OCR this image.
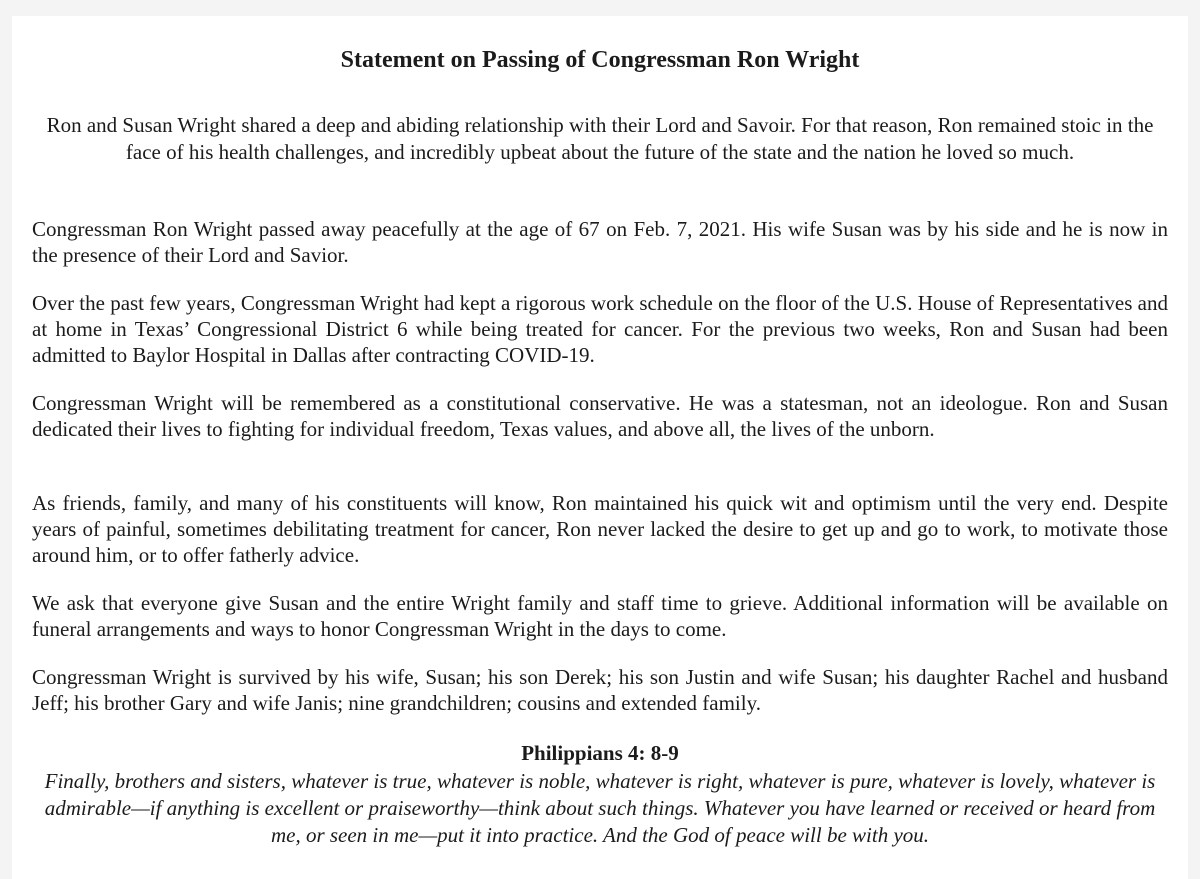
Statement on Passing of Congressman Ron Wright

Ron and Susan Wright shared a deep and abiding relationship with their Lord and Savoir. For that reason, Ron remained stoic in the face of his health challenges, and incredibly upbeat about the future of the state and the nation he loved so much.

Congressman Ron Wright passed away peacefully at the age of 67 on Feb. 7, 2021. His wife Susan was by his side and he is now in the presence of their Lord and Savior.

Over the past few years, Congressman Wright had kept a rigorous work schedule on the floor of the U.S. House of Representatives and at home in Texas’ Congressional District 6 while being treated for cancer. For the previous two weeks, Ron and Susan had been admitted to Baylor Hospital in Dallas after contracting COVID-19.

Congressman Wright will be remembered as a constitutional conservative. He was a statesman, not an ideologue. Ron and Susan dedicated their lives to fighting for individual freedom, Texas values, and above all, the lives of the unborn.

As friends, family, and many of his constituents will know, Ron maintained his quick wit and optimism until the very end. Despite years of painful, sometimes debilitating treatment for cancer, Ron never lacked the desire to get up and go to work, to motivate those around him, or to offer fatherly advice.

We ask that everyone give Susan and the entire Wright family and staff time to grieve. Additional information will be available on funeral arrangements and ways to honor Congressman Wright in the days to come.

Congressman Wright is survived by his wife, Susan; his son Derek; his son Justin and wife Susan; his daughter Rachel and husband Jeff; his brother Gary and wife Janis; nine grandchildren; cousins and extended family.

Philippians 4: 8-9

Finally, brothers and sisters, whatever is true, whatever is noble, whatever is right, whatever is pure, whatever is lovely, whatever is admirable—if anything is excellent or praiseworthy—think about such things. Whatever you have learned or received or heard from me, or seen in me—put it into practice. And the God of peace will be with you.
